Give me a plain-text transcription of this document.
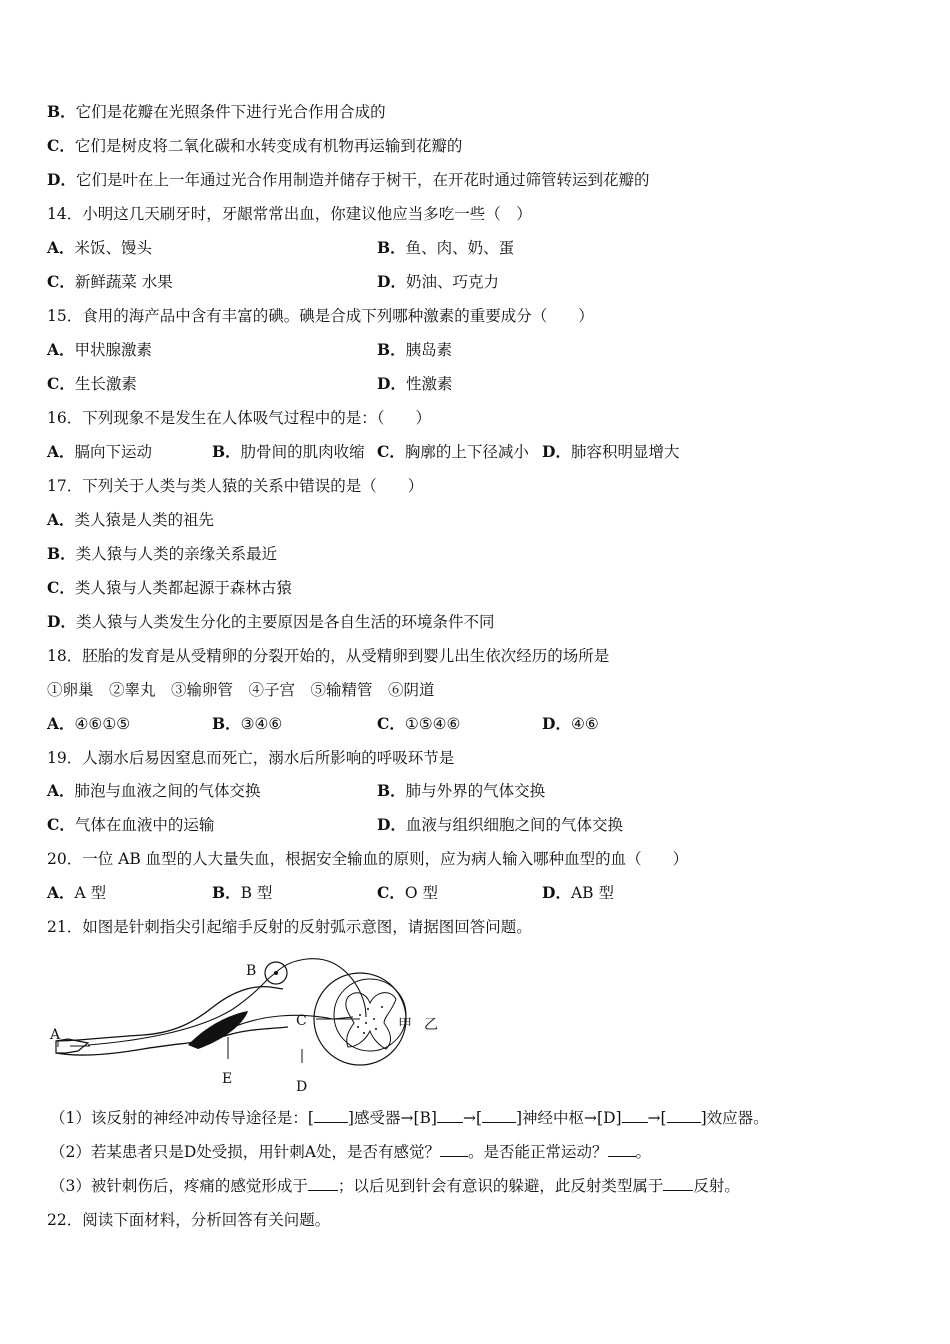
B．它们是花瓣在光照条件下进行光合作用合成的
C．它们是树皮将二氧化碳和水转变成有机物再运输到花瓣的
D．它们是叶在上一年通过光合作用制造并储存于树干，在开花时通过筛管转运到花瓣的
14．小明这几天刷牙时，牙龈常常出血，你建议他应当多吃一些（　）
A．米饭、馒头	B．鱼、肉、奶、蛋
C．新鲜蔬菜 水果	D．奶油、巧克力
15．食用的海产品中含有丰富的碘。碘是合成下列哪种激素的重要成分（　　）
A．甲状腺激素	B．胰岛素
C．生长激素	D．性激素
16．下列现象不是发生在人体吸气过程中的是：（　　）
A．膈向下运动	B．肋骨间的肌肉收缩 C．胸廓的上下径减小 D．肺容积明显增大
17．下列关于人类与类人猿的关系中错误的是（　　）
A．类人猿是人类的祖先
B．类人猿与人类的亲缘关系最近
C．类人猿与人类都起源于森林古猿
D．类人猿与人类发生分化的主要原因是各自生活的环境条件不同
18．胚胎的发育是从受精卵的分裂开始的，从受精卵到婴儿出生依次经历的场所是
①卵巢　②睾丸　③输卵管　④子宫　⑤输精管　⑥阴道
A．④⑥①⑤	B．③④⑥	C．①⑤④⑥	D．④⑥
19．人溺水后易因窒息而死亡，溺水后所影响的呼吸环节是
A．肺泡与血液之间的气体交换	B．肺与外界的气体交换
C．气体在血液中的运输	D．血液与组织细胞之间的气体交换
20．一位 AB 血型的人大量失血，根据安全输血的原则，应为病人输入哪种血型的血（　　）
A．A 型	B．B 型	C．O 型	D．AB 型
21．如图是针刺指尖引起缩手反射的反射弧示意图，请据图回答问题。
A
B
C
D
E
甲 乙
（1）该反射的神经冲动传导途径是：[ ]感受器→[B] →[ ]神经中枢→[D] →[ ]效应器。
（2）若某患者只是D处受损，用针刺A处，是否有感觉？ 。是否能正常运动？ 。
（3）被针刺伤后，疼痛的感觉形成于 ；以后见到针会有意识的躲避，此反射类型属于 反射。
22．阅读下面材料，分析回答有关问题。
